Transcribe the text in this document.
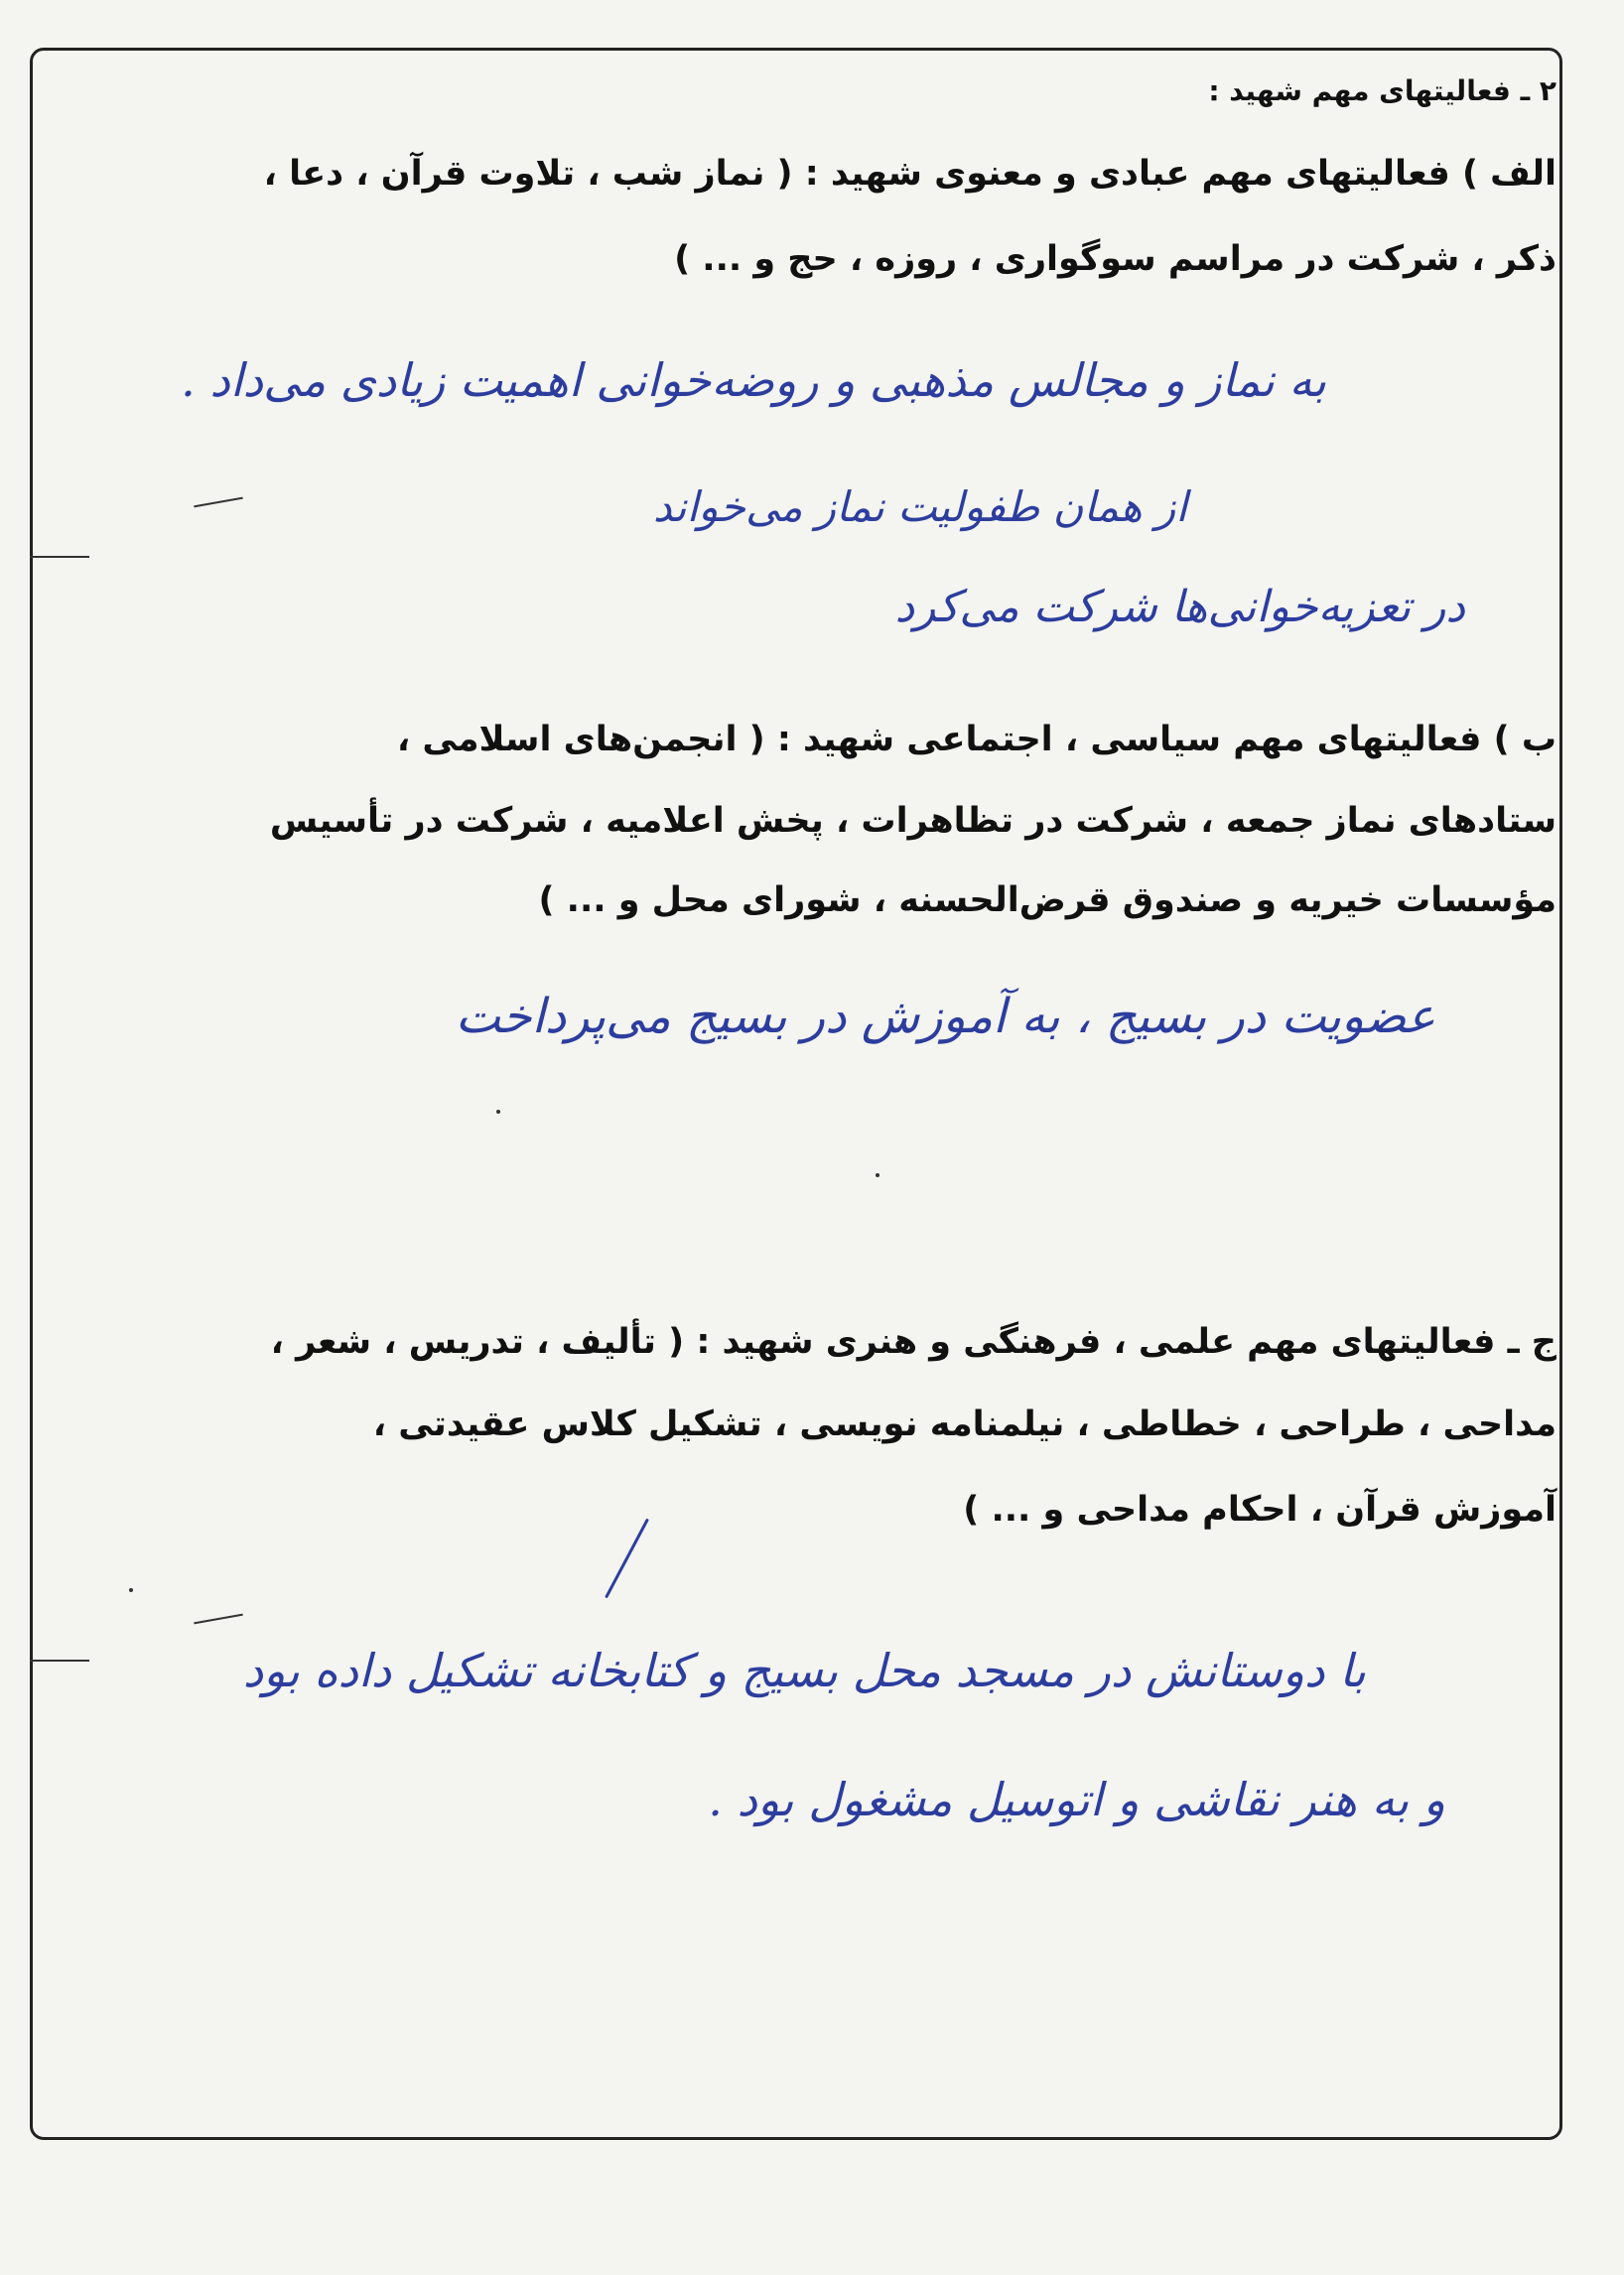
۲ ـ فعالیتهای مهم شهید :

الف ) فعالیتهای مهم عبادی و معنوی شهید : ( نماز شب ، تلاوت قرآن ، دعا ،

ذکر ، شرکت در مراسم سوگواری ، روزه ، حج و ... )

به نماز و مجالس مذهبی و روضه‌خوانی اهمیت زیادی می‌داد .

از همان طفولیت نماز می‌خواند

در تعزیه‌خوانی‌ها شرکت می‌کرد

ب ) فعالیتهای مهم سیاسی ، اجتماعی شهید : ( انجمن‌های اسلامی ،

ستادهای نماز جمعه ، شرکت در تظاهرات ، پخش اعلامیه ، شرکت در تأسیس

مؤسسات خیریه و صندوق قرض‌الحسنه ، شورای محل و ... )

عضویت در بسیج ، به آموزش در بسیج می‌پرداخت

ج ـ فعالیتهای مهم علمی ، فرهنگی و هنری شهید : ( تألیف ، تدریس ، شعر ،

مداحی ، طراحی ، خطاطی ، نیلمنامه نویسی ، تشکیل کلاس عقیدتی ،

آموزش قرآن ، احکام مداحی و ... )

با دوستانش در مسجد محل بسیج و کتابخانه تشکیل داده بود

و به هنر نقاشی و اتوسیل مشغول بود .
